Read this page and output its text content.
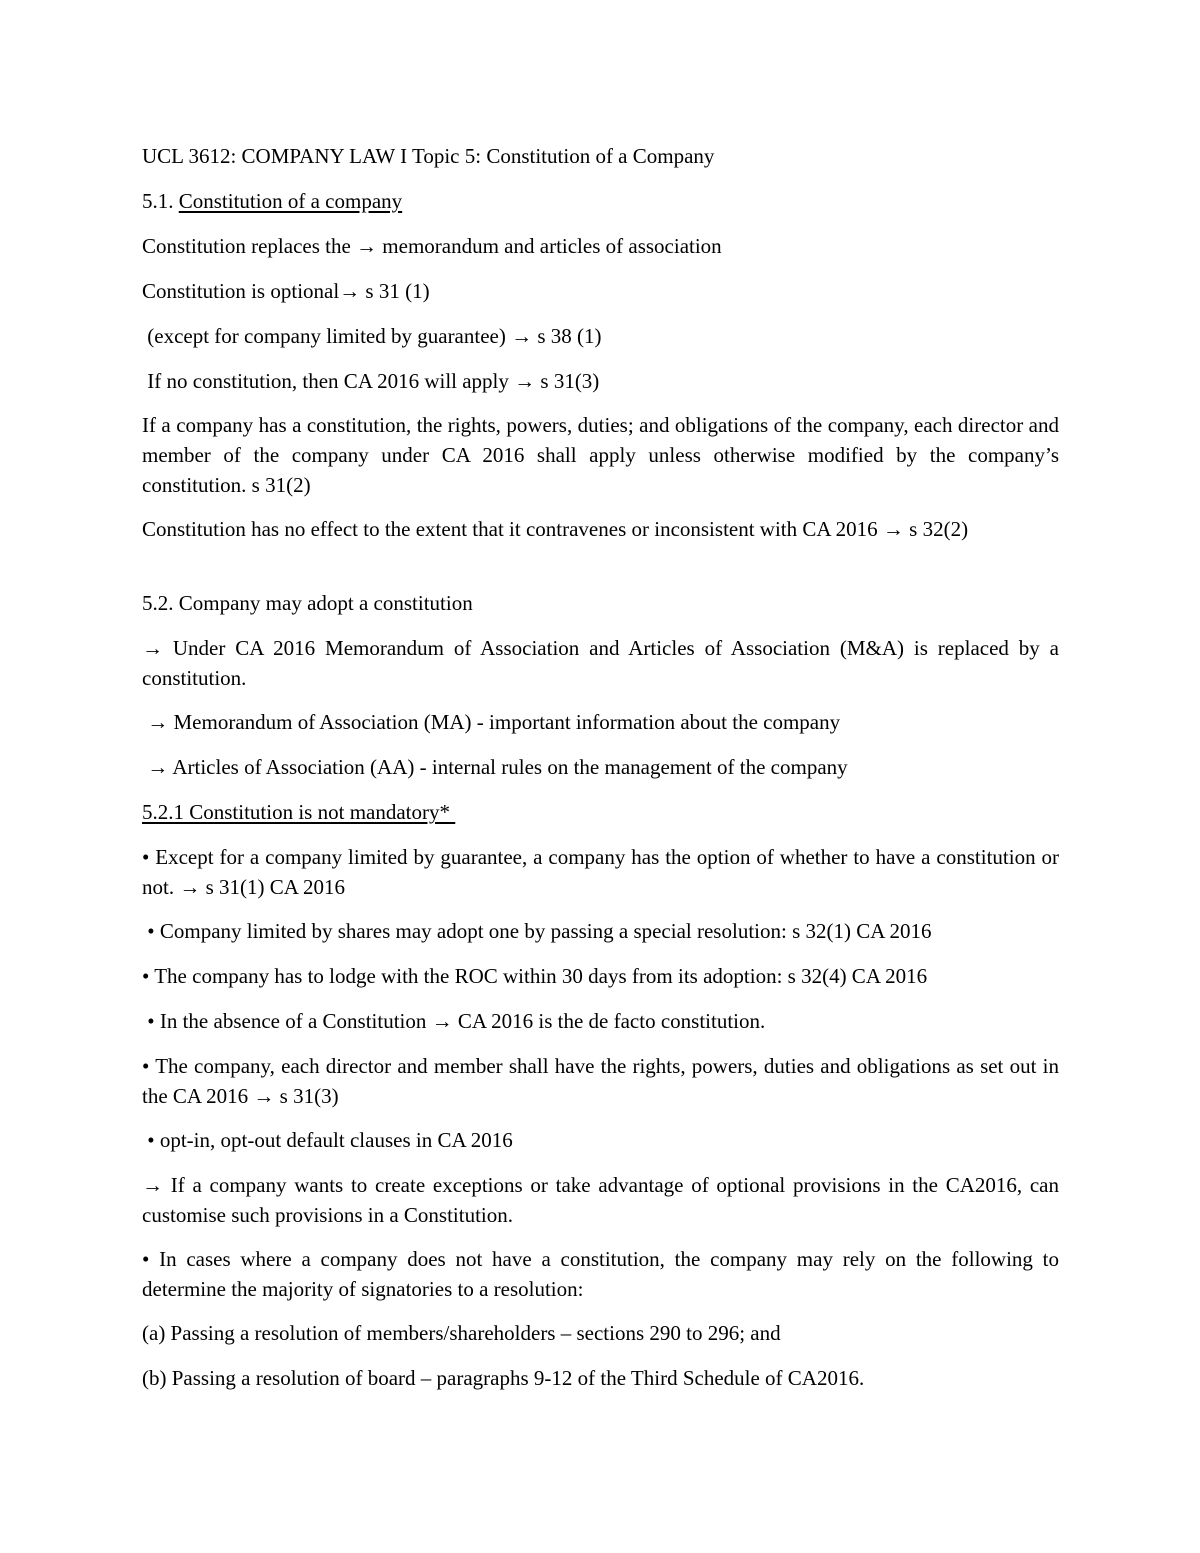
UCL 3612: COMPANY LAW I Topic 5: Constitution of a Company

5.1. Constitution of a company

Constitution replaces the → memorandum and articles of association

Constitution is optional→ s 31 (1)

(except for company limited by guarantee) → s 38 (1)

If no constitution, then CA 2016 will apply → s 31(3)

If a company has a constitution, the rights, powers, duties; and obligations of the company, each director and member of the company under CA 2016 shall apply unless otherwise modified by the company’s constitution. s 31(2)

Constitution has no effect to the extent that it contravenes or inconsistent with CA 2016 → s 32(2)

5.2. Company may adopt a constitution

→ Under CA 2016 Memorandum of Association and Articles of Association (M&A) is replaced by a constitution.

→ Memorandum of Association (MA) - important information about the company

→ Articles of Association (AA) - internal rules on the management of the company

5.2.1 Constitution is not mandatory*

• Except for a company limited by guarantee, a company has the option of whether to have a constitution or not. → s 31(1) CA 2016

• Company limited by shares may adopt one by passing a special resolution: s 32(1) CA 2016

• The company has to lodge with the ROC within 30 days from its adoption: s 32(4) CA 2016

• In the absence of a Constitution → CA 2016 is the de facto constitution.

• The company, each director and member shall have the rights, powers, duties and obligations as set out in the CA 2016 → s 31(3)

• opt-in, opt-out default clauses in CA 2016

→ If a company wants to create exceptions or take advantage of optional provisions in the CA2016, can customise such provisions in a Constitution.

• In cases where a company does not have a constitution, the company may rely on the following to determine the majority of signatories to a resolution:

(a) Passing a resolution of members/shareholders – sections 290 to 296; and

(b) Passing a resolution of board – paragraphs 9-12 of the Third Schedule of CA2016.
